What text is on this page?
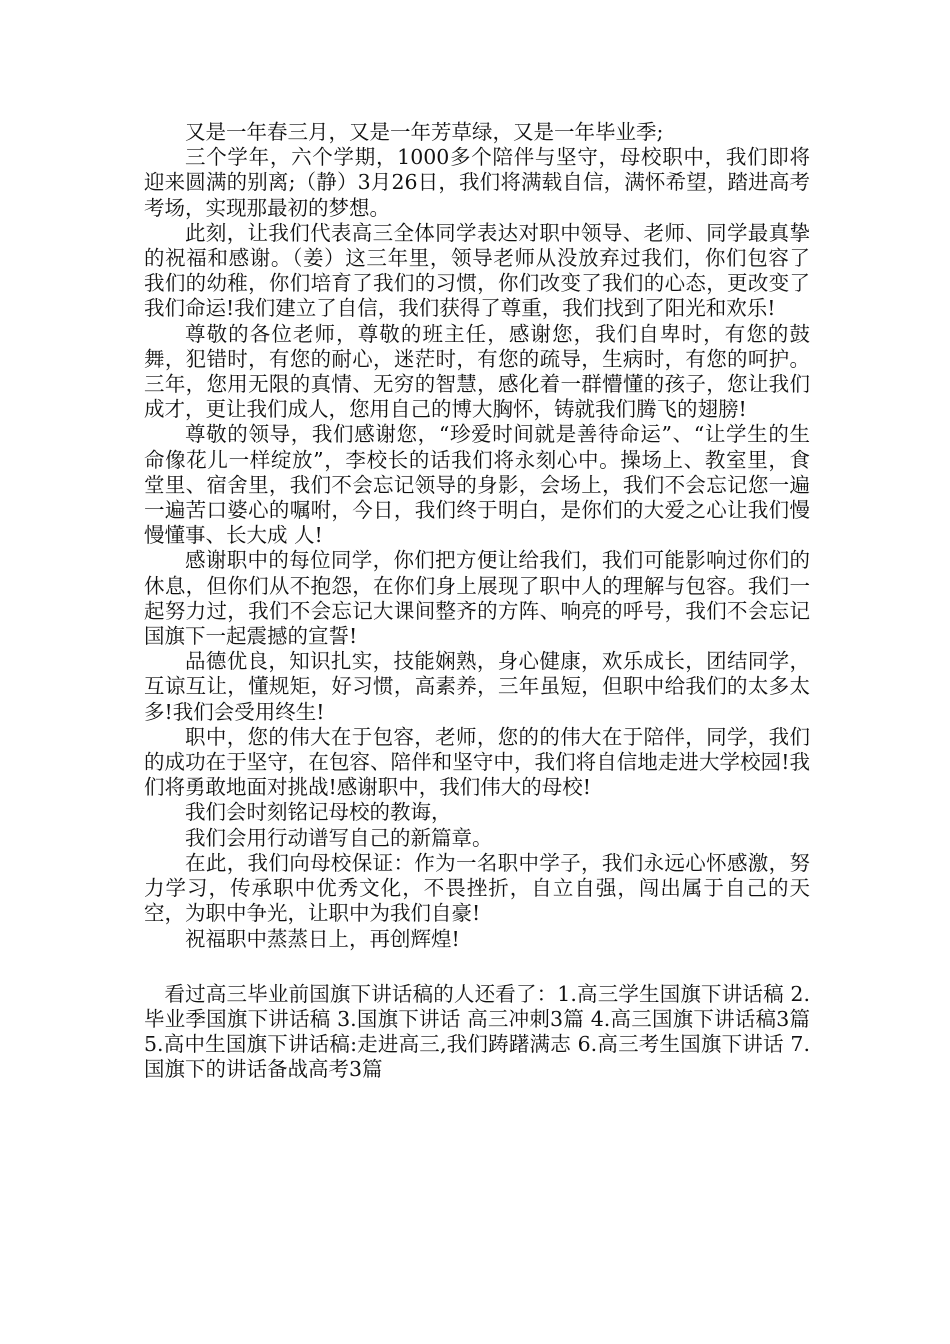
又是一年春三月，又是一年芳草绿，又是一年毕业季;

三个学年，六个学期，1000多个陪伴与坚守，母校职中，我们即将迎来圆满的别离;（静）3月26日，我们将满载自信，满怀希望，踏进高考考场，实现那最初的梦想。

此刻，让我们代表高三全体同学表达对职中领导、老师、同学最真挚的祝福和感谢。（姜）这三年里，领导老师从没放弃过我们，你们包容了我们的幼稚，你们培育了我们的习惯，你们改变了我们的心态，更改变了我们命运!我们建立了自信，我们获得了尊重，我们找到了阳光和欢乐!

尊敬的各位老师，尊敬的班主任，感谢您，我们自卑时，有您的鼓舞，犯错时，有您的耐心，迷茫时，有您的疏导，生病时，有您的呵护。三年，您用无限的真情、无穷的智慧，感化着一群懵懂的孩子，您让我们成才，更让我们成人，您用自己的博大胸怀，铸就我们腾飞的翅膀!

尊敬的领导，我们感谢您，“珍爱时间就是善待命运”、“让学生的生命像花儿一样绽放”，李校长的话我们将永刻心中。操场上、教室里，食堂里、宿舍里，我们不会忘记领导的身影，会场上，我们不会忘记您一遍一遍苦口婆心的嘱咐，今日，我们终于明白，是你们的大爱之心让我们慢慢懂事、长大成 人!

感谢职中的每位同学，你们把方便让给我们，我们可能影响过你们的休息，但你们从不抱怨，在你们身上展现了职中人的理解与包容。我们一起努力过，我们不会忘记大课间整齐的方阵、响亮的呼号，我们不会忘记国旗下一起震撼的宣誓!

品德优良，知识扎实，技能娴熟，身心健康，欢乐成长，团结同学，互谅互让，懂规矩，好习惯，高素养，三年虽短，但职中给我们的太多太多!我们会受用终生!

职中，您的伟大在于包容，老师，您的的伟大在于陪伴，同学，我们的成功在于坚守，在包容、陪伴和坚守中，我们将自信地走进大学校园!我们将勇敢地面对挑战!感谢职中，我们伟大的母校!

我们会时刻铭记母校的教诲，

我们会用行动谱写自己的新篇章。

在此，我们向母校保证：作为一名职中学子，我们永远心怀感激，努力学习，传承职中优秀文化，不畏挫折，自立自强，闯出属于自己的天空，为职中争光，让职中为我们自豪!

祝福职中蒸蒸日上，再创辉煌!

看过高三毕业前国旗下讲话稿的人还看了：1.高三学生国旗下讲话稿 2.毕业季国旗下讲话稿 3.国旗下讲话 高三冲刺3篇 4.高三国旗下讲话稿3篇 5.高中生国旗下讲话稿:走进高三,我们踌躇满志 6.高三考生国旗下讲话 7.国旗下的讲话备战高考3篇
